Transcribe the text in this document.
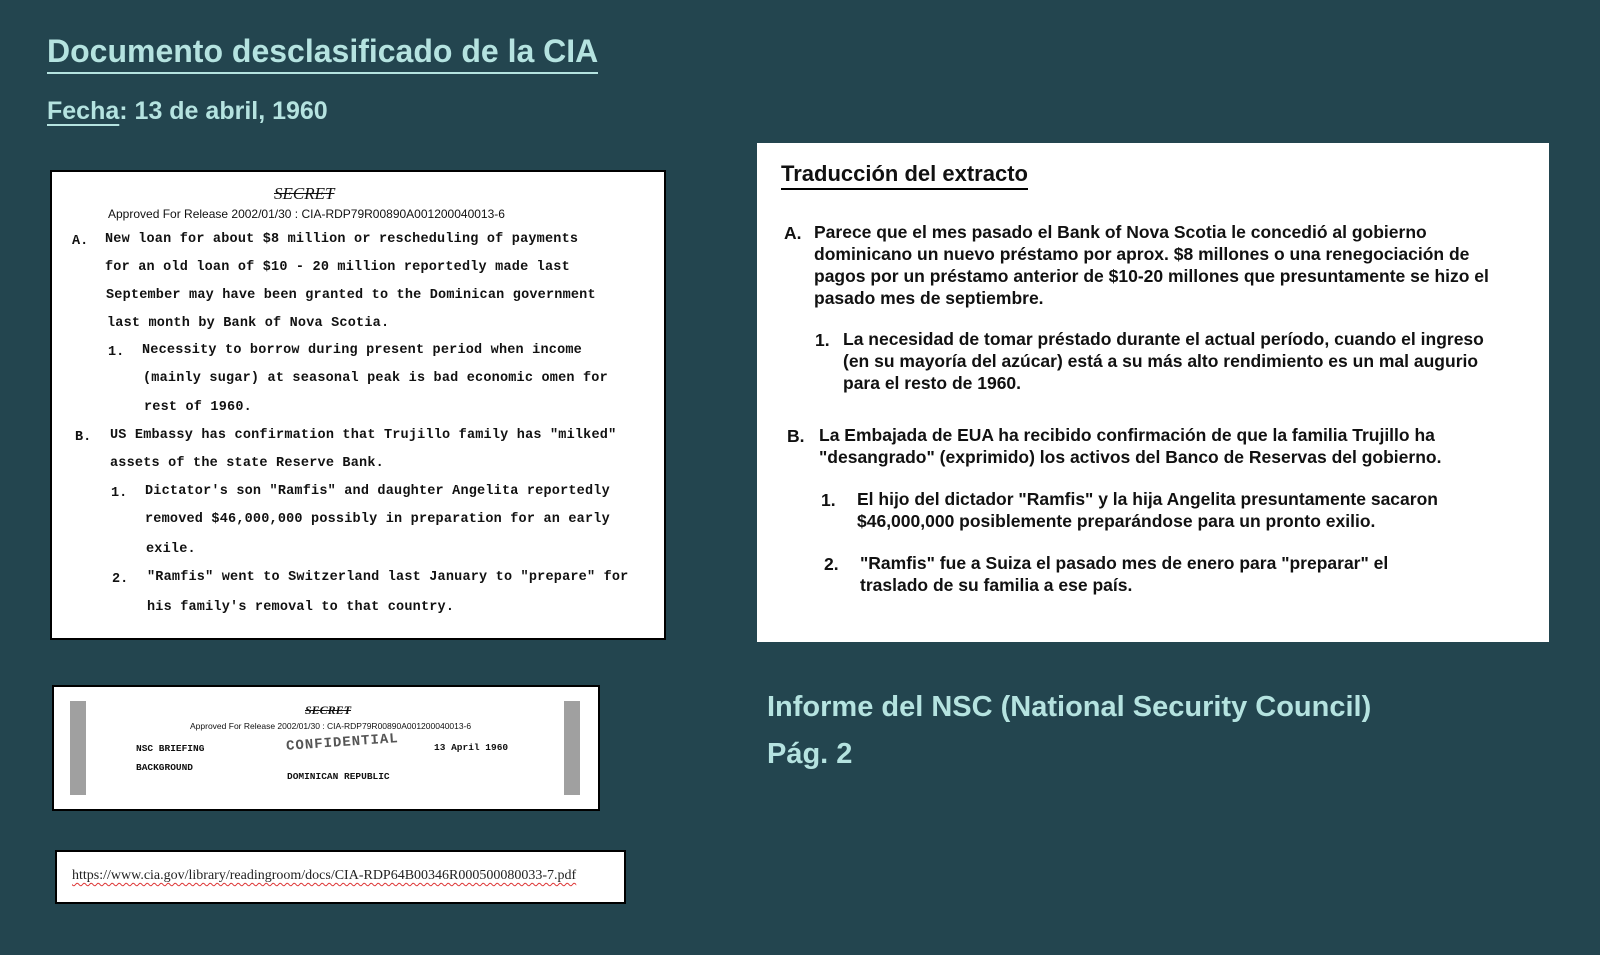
Documento desclasificado de la CIA
Fecha: 13 de abril, 1960
SECRET
Approved For Release 2002/01/30 : CIA-RDP79R00890A001200040013-6
A. New loan for about $8 million or rescheduling of payments
for an old loan of $10 - 20 million reportedly made last
September may have been granted to the Dominican government
last month by Bank of Nova Scotia.
1. Necessity to borrow during present period when income
(mainly sugar) at seasonal peak is bad economic omen for
rest of 1960.
B. US Embassy has confirmation that Trujillo family has "milked"
assets of the state Reserve Bank.
1. Dictator's son "Ramfis" and daughter Angelita reportedly
removed $46,000,000 possibly in preparation for an early
exile.
2. "Ramfis" went to Switzerland last January to "prepare" for
his family's removal to that country.
Traducción del extracto
A. Parece que el mes pasado el Bank of Nova Scotia le concedió al gobierno dominicano un nuevo préstamo por aprox. $8 millones o una renegociación de pagos por un préstamo anterior de $10-20 millones que presuntamente se hizo el pasado mes de septiembre.
1. La necesidad de tomar préstado durante el actual período, cuando el ingreso (en su mayoría del azúcar) está a su más alto rendimiento es un mal augurio para el resto de 1960.
B. La Embajada de EUA ha recibido confirmación de que la familia Trujillo ha "desangrado" (exprimido) los activos del Banco de Reservas del gobierno.
1. El hijo del dictador "Ramfis" y la hija Angelita presuntamente sacaron $46,000,000 posiblemente preparándose para un pronto exilio.
2. "Ramfis" fue a Suiza el pasado mes de enero para "preparar" el traslado de su familia a ese país.
SECRET
Approved For Release 2002/01/30 : CIA-RDP79R00890A001200040013-6
CONFIDENTIAL
NSC BRIEFING
BACKGROUND
13 April 1960
DOMINICAN REPUBLIC
https://www.cia.gov/library/readingroom/docs/CIA-RDP64B00346R000500080033-7.pdf
Informe del NSC (National Security Council)
Pág. 2
